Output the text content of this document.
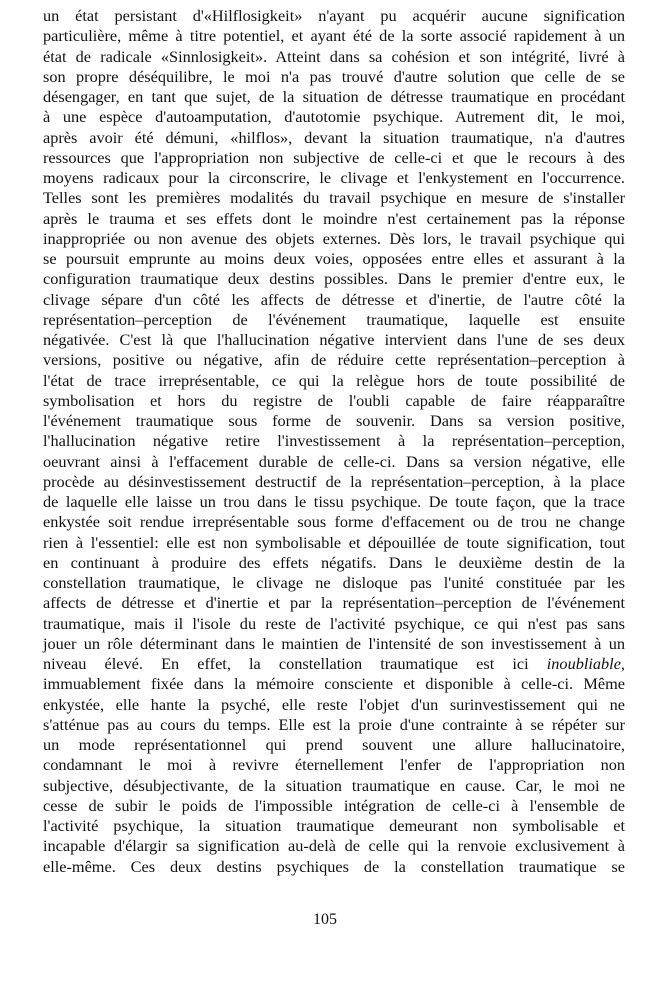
un état persistant d'«Hilflosigkeit» n'ayant pu acquérir aucune signification
particulière, même à titre potentiel, et ayant été de la sorte associé rapidement à un
état de radicale «Sinnlosigkeit». Atteint dans sa cohésion et son intégrité, livré à
son propre déséquilibre, le moi n'a pas trouvé d'autre solution que celle de se
désengager, en tant que sujet, de la situation de détresse traumatique en procédant
à une espèce d'autoamputation, d'autotomie psychique. Autrement dit, le moi,
après avoir été démuni, «hilflos», devant la situation traumatique, n'a d'autres
ressources que l'appropriation non subjective de celle-ci et que le recours à des
moyens radicaux pour la circonscrire, le clivage et l'enkystement en l'occurrence.
Telles sont les premières modalités du travail psychique en mesure de s'installer
après le trauma et ses effets dont le moindre n'est certainement pas la réponse
inappropriée ou non avenue des objets externes. Dès lors, le travail psychique qui
se poursuit emprunte au moins deux voies, opposées entre elles et assurant à la
configuration traumatique deux destins possibles. Dans le premier d'entre eux, le
clivage sépare d'un côté les affects de détresse et d'inertie, de l'autre côté la
représentation–perception de l'événement traumatique, laquelle est ensuite
négativée. C'est là que l'hallucination négative intervient dans l'une de ses deux
versions, positive ou négative, afin de réduire cette représentation–perception à
l'état de trace irreprésentable, ce qui la relègue hors de toute possibilité de
symbolisation et hors du registre de l'oubli capable de faire réapparaître
l'événement traumatique sous forme de souvenir. Dans sa version positive,
l'hallucination négative retire l'investissement à la représentation–perception,
oeuvrant ainsi à l'effacement durable de celle-ci. Dans sa version négative, elle
procède au désinvestissement destructif de la représentation–perception, à la place
de laquelle elle laisse un trou dans le tissu psychique. De toute façon, que la trace
enkystée soit rendue irreprésentable sous forme d'effacement ou de trou ne change
rien à l'essentiel: elle est non symbolisable et dépouillée de toute signification, tout
en continuant à produire des effets négatifs. Dans le deuxième destin de la
constellation traumatique, le clivage ne disloque pas l'unité constituée par les
affects de détresse et d'inertie et par la représentation–perception de l'événement
traumatique, mais il l'isole du reste de l'activité psychique, ce qui n'est pas sans
jouer un rôle déterminant dans le maintien de l'intensité de son investissement à un
niveau élevé. En effet, la constellation traumatique est ici inoubliable,
immuablement fixée dans la mémoire consciente et disponible à celle-ci. Même
enkystée, elle hante la psyché, elle reste l'objet d'un surinvestissement qui ne
s'atténue pas au cours du temps. Elle est la proie d'une contrainte à se répéter sur
un mode représentationnel qui prend souvent une allure hallucinatoire,
condamnant le moi à revivre éternellement l'enfer de l'appropriation non
subjective, désubjectivante, de la situation traumatique en cause. Car, le moi ne
cesse de subir le poids de l'impossible intégration de celle-ci à l'ensemble de
l'activité psychique, la situation traumatique demeurant non symbolisable et
incapable d'élargir sa signification au-delà de celle qui la renvoie exclusivement à
elle-même. Ces deux destins psychiques de la constellation traumatique se
105
